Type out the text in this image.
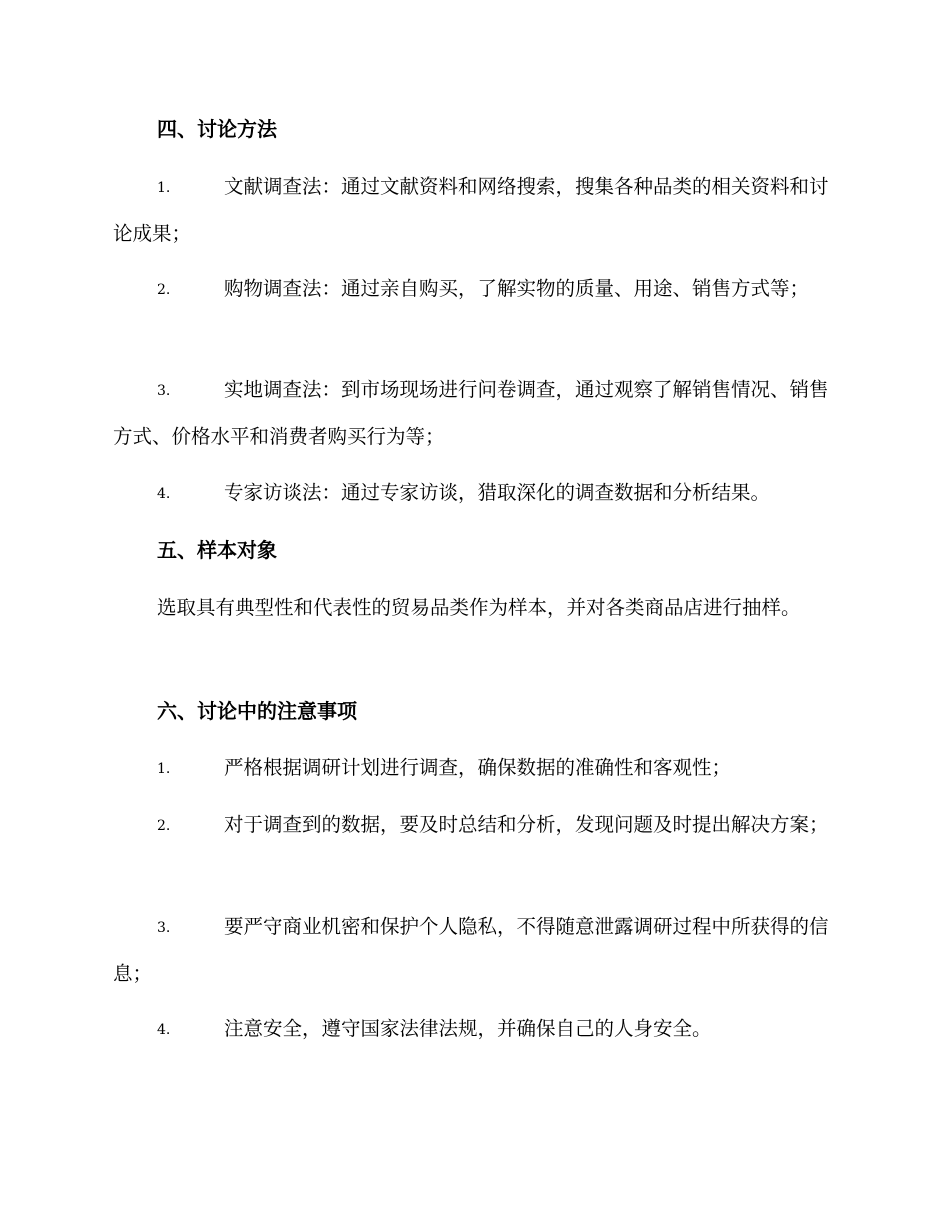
四、讨论方法
1.	文献调查法：通过文献资料和网络搜索，搜集各种品类的相关资料和讨论成果；
2.	购物调查法：通过亲自购买，了解实物的质量、用途、销售方式等；
3.	实地调查法：到市场现场进行问卷调查，通过观察了解销售情况、销售方式、价格水平和消费者购买行为等；
4.	专家访谈法：通过专家访谈，猎取深化的调查数据和分析结果。
五、样本对象
选取具有典型性和代表性的贸易品类作为样本，并对各类商品店进行抽样。
六、讨论中的注意事项
1.	严格根据调研计划进行调查，确保数据的准确性和客观性；
2.	对于调查到的数据，要及时总结和分析，发现问题及时提出解决方案；
3.	要严守商业机密和保护个人隐私，不得随意泄露调研过程中所获得的信息；
4.	注意安全，遵守国家法律法规，并确保自己的人身安全。
